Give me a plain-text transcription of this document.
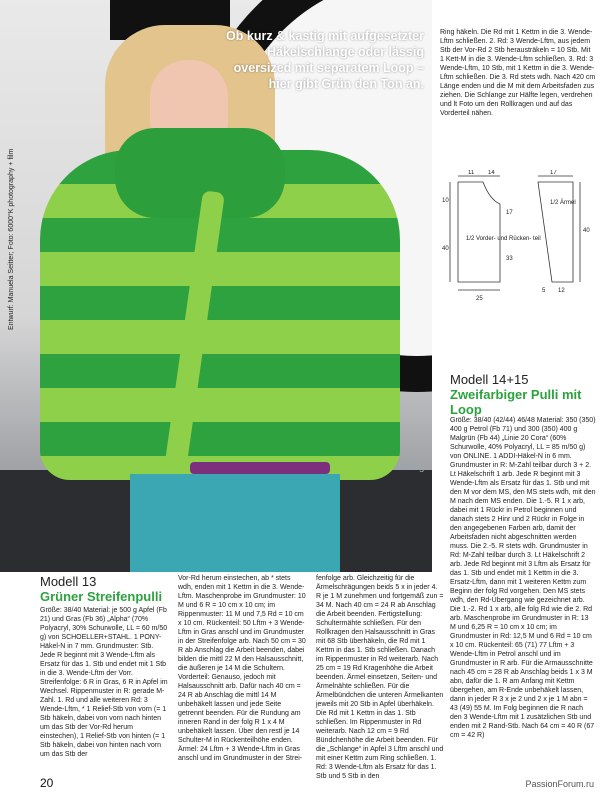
Ob kurz & kastig mit aufgesetzter Häkelschlange oder lässig oversized mit separatem Loop – hier gibt Grün den Ton an.
Entwurf: Manuela Seitter; Foto: 6000°K photography + film
ukönig

Ring häkeln. Die Rd mit 1 Kettm in die 3. Wende-Lftm schließen. 2. Rd: 3 Wende-Lftm, aus jedem Stb der Vor-Rd 2 Stb herausträkeln = 10 Stb. Mit 1 Kett-M in die 3. Wende-Lftm schließen. 3. Rd: 3 Wende-Lftm, 10 Stb, mit 1 Kettm in die 3. Wende-Lftm schließen. Die 3. Rd stets wdh. Nach 420 cm Länge enden und die M mit dem Arbeitsfaden zus ziehen. Die Schlange zur Hälfte legen, verdrehen und lt Foto um den Rollkragen und auf das Vorderteil nähen.

11 14
10
17
40
33
25
1/2 Vorder- und Rücken- teil
17
40
5 12
1/2 Ärmel
Modell 14+15
Zweifarbiger Pulli mit Loop

Größe: 38/40 (42/44) 46/48 Material: 350 (350) 400 g Petrol (Fb 71) und 300 (350) 400 g Malgrün (Fb 44) „Linie 20 Cora“ (60% Schurwolle, 40% Polyacryl, LL = 85 m/50 g) von ONLINE. 1 ADDI-Häkel-N in 6 mm. Grundmuster in R: M-Zahl teilbar durch 3 + 2. Lt Häkelschrift 1 arb. Jede R beginnt mit 3 Wende-Lftm als Ersatz für das 1. Stb und mit den M vor dem MS, den MS stets wdh, mit den M nach dem MS enden. Die 1.-5. R 1 x arb, dabei mit 1 Rückr in Petrol beginnen und danach stets 2 Hinr und 2 Rückr in Folge in den angegebenen Farben arb, damit der Arbeitsfaden nicht abgeschnitten werden muss. Die 2.-5. R stets wdh. Grundmuster in Rd: M-Zahl teilbar durch 3. Lt Häkelschrift 2 arb. Jede Rd beginnt mit 3 Lftm als Ersatz für das 1. Stb und endet mit 1 Kettm in die 3. Ersatz-Lftm, dann mit 1 weiteren Kettm zum Beginn der folg Rd vorgehen. Den MS stets wdh, den Rd-Übergang wie gezeichnet arb. Die 1.-2. Rd 1 x arb, alle folg Rd wie die 2. Rd arb. Maschenprobe im Grundmuster in R: 13 M und 6,25 R = 10 cm x 10 cm; im Grundmuster in Rd: 12,5 M und 6 Rd = 10 cm x 10 cm. Rückenteil: 65 (71) 77 Lftm + 3 Wende-Lftm in Petrol anschl und im Grundmuster in R arb. Für die Armausschnitte nach 45 cm = 28 R ab Anschlag beids 1 x 3 M abn, dafür die 1. R am Anfang mit Kettm übergehen, am R-Ende unbehäkelt lassen, dann in jeder R 3 x je 2 und 2 x je 1 M abn = 43 (49) 55 M. Im Folg beginnen die R nach den 3 Wende-Lftm mit 1 zusätzlichen Stb und enden mit 2 Rand-Stb. Nach 64 cm = 40 R (67 cm = 42 R)

Modell 13
Grüner Streifenpulli

Größe: 38/40 Material: je 500 g Apfel (Fb 21) und Gras (Fb 36) „Alpha“ (70% Polyacryl, 30% Schurwolle, LL = 60 m/50 g) von SCHOELLER+STAHL. 1 PONY-Häkel-N in 7 mm. Grundmuster: Stb. Jede R beginnt mit 3 Wende-Lftm als Ersatz für das 1. Stb und endet mit 1 Stb in die 3. Wende-Lftm der Vorr. Streifenfolge: 6 R in Gras, 6 R in Apfel im Wechsel. Rippenmuster in R: gerade M-Zahl. 1. Rd und alle weiteren Rd: 3 Wende-Lftm, * 1 Relief-Stb von vorn (= 1 Stb häkeln, dabei von vorn nach hinten um das Stb der Vor-Rd herum einstechen), 1 Relief-Stb von hinten (= 1 Stb häkeln, dabei von hinten nach vorn um das Stb der

Vor-Rd herum einstechen, ab * stets wdh, enden mit 1 Kettm in die 3. Wende-Lftm. Maschenprobe im Grundmuster: 10 M und 6 R = 10 cm x 10 cm; im Rippenmuster: 11 M und 7,5 Rd = 10 cm x 10 cm. Rückenteil: 50 Lftm + 3 Wende-Lftm in Gras anschl und im Grundmuster in der Streifenfolge arb. Nach 50 cm = 30 R ab Anschlag die Arbeit beenden, dabei bilden die mittl 22 M den Halsausschnitt, die äußeren je 14 M die Schultern. Vorderteil: Genauso, jedoch mit Halsausschnitt arb. Dafür nach 40 cm = 24 R ab Anschlag die mittl 14 M unbehäkelt lassen und jede Seite getrennt beenden. Für die Rundung am inneren Rand in der folg R 1 x 4 M unbehäkelt lassen. Über den restl je 14 Schulter-M in Rückenteilhöhe enden. Ärmel: 24 Lftm + 3 Wende-Lftm in Gras anschl und im Grundmuster in der Strei-

fenfolge arb. Gleichzeitig für die Ärmelschrägungen beids 5 x in jeder 4. R je 1 M zunehmen und fortgemäß zun = 34 M. Nach 40 cm = 24 R ab Anschlag die Arbeit beenden. Fertigstellung: Schultermähte schließen. Für den Rollkragen den Halsausschnitt in Gras mit 68 Stb überhäkeln, die Rd mit 1 Kettm in das 1. Stb schließen. Danach im Rippenmuster in Rd weiterarb. Nach 25 cm = 19 Rd Kragenhöhe die Arbeit beenden. Ärmel einsetzen, Seiten- und Ärmelnähte schließen. Für die Ärmelbündchen die unteren Ärmelkanten jeweils mit 20 Stb in Apfel überhäkeln. Die Rd mit 1 Kettm in das 1. Stb schließen. Im Rippenmuster in Rd weiterarb. Nach 12 cm = 9 Rd Bündchenhöhe die Arbeit beenden. Für die „Schlange“ in Apfel 3 Lftm anschl und mit einer Kettm zum Ring schließen. 1. Rd: 3 Wende-Lftm als Ersatz für das 1. Stb und 5 Stb in den

20	PassionForum.ru
